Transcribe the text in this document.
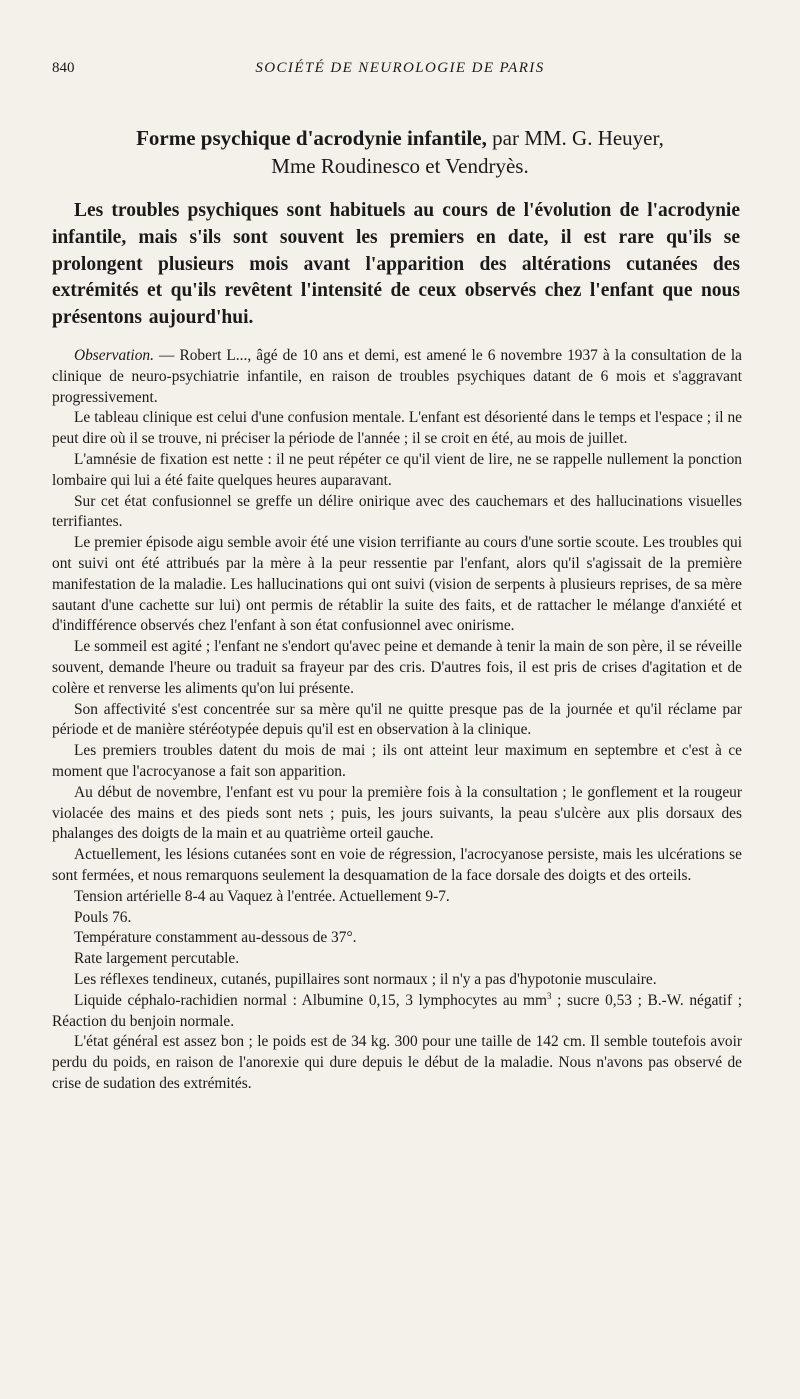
840	SOCIÉTÉ DE NEUROLOGIE DE PARIS
Forme psychique d'acrodynie infantile, par MM. G. Heuyer,
Mme Roudinesco et Vendryès.
Les troubles psychiques sont habituels au cours de l'évolution de l'acrodynie infantile, mais s'ils sont souvent les premiers en date, il est rare qu'ils se prolongent plusieurs mois avant l'apparition des altérations cutanées des extrémités et qu'ils revêtent l'intensité de ceux observés chez l'enfant que nous présentons aujourd'hui.

Observation. — Robert L..., âgé de 10 ans et demi, est amené le 6 novembre 1937 à la consultation de la clinique de neuro-psychiatrie infantile, en raison de troubles psychiques datant de 6 mois et s'aggravant progressivement.

Le tableau clinique est celui d'une confusion mentale. L'enfant est désorienté dans le temps et l'espace ; il ne peut dire où il se trouve, ni préciser la période de l'année ; il se croit en été, au mois de juillet.

L'amnésie de fixation est nette : il ne peut répéter ce qu'il vient de lire, ne se rappelle nullement la ponction lombaire qui lui a été faite quelques heures auparavant.

Sur cet état confusionnel se greffe un délire onirique avec des cauchemars et des hallucinations visuelles terrifiantes.

Le premier épisode aigu semble avoir été une vision terrifiante au cours d'une sortie scoute. Les troubles qui ont suivi ont été attribués par la mère à la peur ressentie par l'enfant, alors qu'il s'agissait de la première manifestation de la maladie. Les hallucinations qui ont suivi (vision de serpents à plusieurs reprises, de sa mère sautant d'une cachette sur lui) ont permis de rétablir la suite des faits, et de rattacher le mélange d'anxiété et d'indifférence observés chez l'enfant à son état confusionnel avec onirisme.

Le sommeil est agité ; l'enfant ne s'endort qu'avec peine et demande à tenir la main de son père, il se réveille souvent, demande l'heure ou traduit sa frayeur par des cris. D'autres fois, il est pris de crises d'agitation et de colère et renverse les aliments qu'on lui présente.

Son affectivité s'est concentrée sur sa mère qu'il ne quitte presque pas de la journée et qu'il réclame par période et de manière stéréotypée depuis qu'il est en observation à la clinique.

Les premiers troubles datent du mois de mai ; ils ont atteint leur maximum en septembre et c'est à ce moment que l'acrocyanose a fait son apparition.

Au début de novembre, l'enfant est vu pour la première fois à la consultation ; le gonflement et la rougeur violacée des mains et des pieds sont nets ; puis, les jours suivants, la peau s'ulcère aux plis dorsaux des phalanges des doigts de la main et au quatrième orteil gauche.

Actuellement, les lésions cutanées sont en voie de régression, l'acrocyanose persiste, mais les ulcérations se sont fermées, et nous remarquons seulement la desquamation de la face dorsale des doigts et des orteils.

Tension artérielle 8-4 au Vaquez à l'entrée. Actuellement 9-7.

Pouls 76.

Température constamment au-dessous de 37°.

Rate largement percutable.

Les réflexes tendineux, cutanés, pupillaires sont normaux ; il n'y a pas d'hypotonie musculaire.

Liquide céphalo-rachidien normal : Albumine 0,15, 3 lymphocytes au $mm^3$ ; sucre 0,53 ; B.-W. négatif ; Réaction du benjoin normale.

L'état général est assez bon ; le poids est de 34 kg. 300 pour une taille de 142 cm. Il semble toutefois avoir perdu du poids, en raison de l'anorexie qui dure depuis le début de la maladie. Nous n'avons pas observé de crise de sudation des extrémités.
